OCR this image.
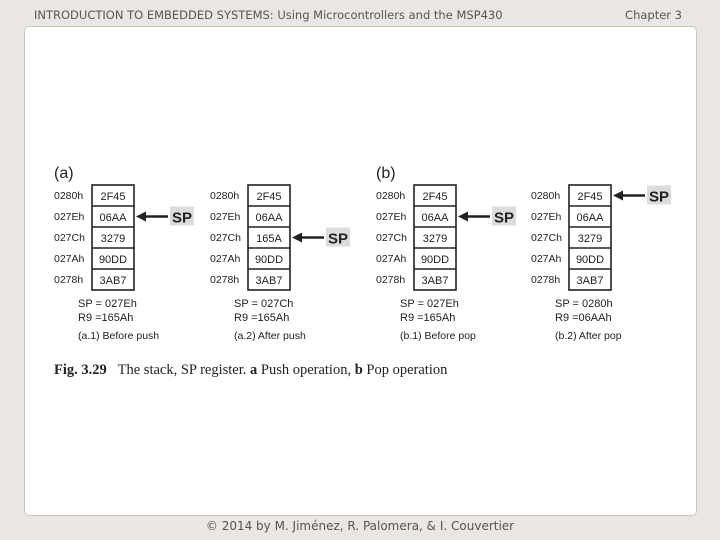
INTRODUCTION TO EMBEDDED SYSTEMS: Using Microcontrollers and the MSP430	Chapter 3
(a)	(b)
0280h 2F45
027Eh 06AA
027Ch 3279
027Ah 90DD
0278h 3AB7
SP
SP = 027Eh
R9 =165Ah
(a.1) Before push
0280h 2F45
027Eh 06AA
027Ch 165A
027Ah 90DD
0278h 3AB7
SP
SP = 027Ch
R9 =165Ah
(a.2) After push
0280h 2F45
027Eh 06AA
027Ch 3279
027Ah 90DD
0278h 3AB7
SP
SP = 027Eh
R9 =165Ah
(b.1) Before pop
0280h 2F45
027Eh 06AA
027Ch 3279
027Ah 90DD
0278h 3AB7
SP
SP = 0280h
R9 =06AAh
(b.2) After pop
Fig. 3.29 The stack, SP register. a Push operation, b Pop operation
© 2014 by M. Jiménez, R. Palomera, & I. Couvertier
